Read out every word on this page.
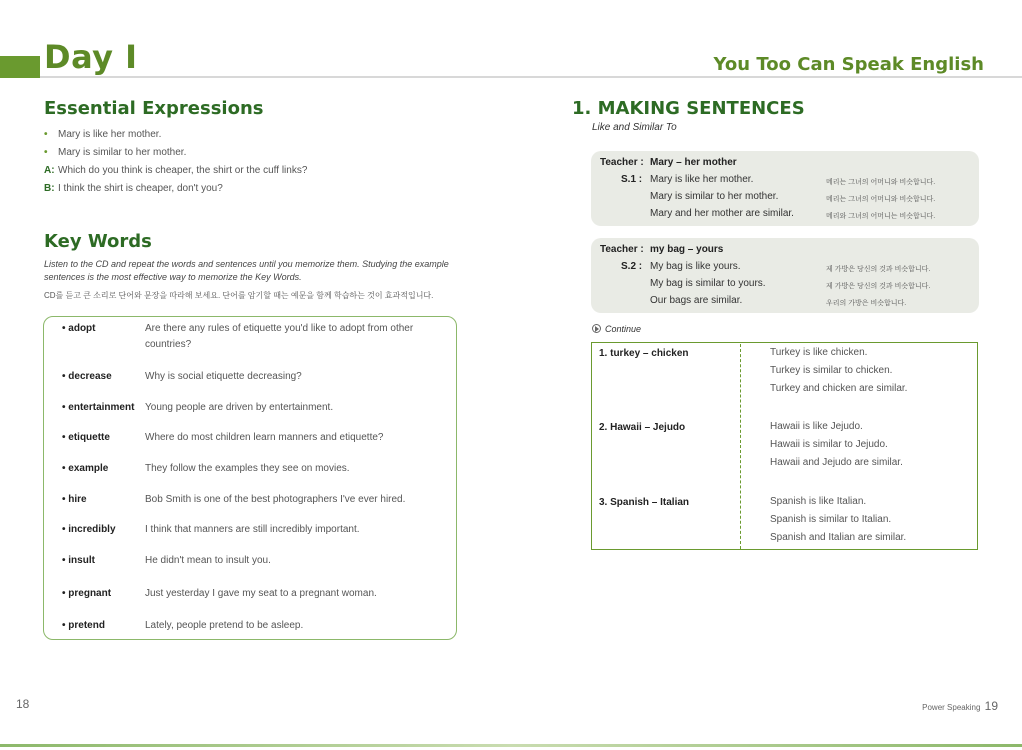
Day I	You Too Can Speak English
Essential Expressions
• Mary is like her mother.
• Mary is similar to her mother.
A: Which do you think is cheaper, the shirt or the cuff links?
B: I think the shirt is cheaper, don't you?
Key Words
Listen to the CD and repeat the words and sentences until you memorize them. Studying the example sentences is the most effective way to memorize the Key Words.
CD를 듣고 큰 소리로 단어와 문장을 따라해 보세요. 단어를 암기할 때는 예문을 함께 학습하는 것이 효과적입니다.
• adopt	Are there any rules of etiquette you'd like to adopt from other countries?
• decrease	Why is social etiquette decreasing?
• entertainment Young people are driven by entertainment.
• etiquette	Where do most children learn manners and etiquette?
• example	They follow the examples they see on movies.
• hire	Bob Smith is one of the best photographers I've ever hired.
• incredibly	I think that manners are still incredibly important.
• insult	He didn't mean to insult you.
• pregnant	Just yesterday I gave my seat to a pregnant woman.
• pretend	Lately, people pretend to be asleep.
1. MAKING SENTENCES
Like and Similar To
Teacher : Mary – her mother
S.1 : Mary is like her mother.	메리는 그녀의 어머니와 비슷합니다.
Mary is similar to her mother.	메리는 그녀의 어머니와 비슷합니다.
Mary and her mother are similar.	메리와 그녀의 어머니는 비슷합니다.
Teacher : my bag – yours
S.2 : My bag is like yours.	제 가방은 당신의 것과 비슷합니다.
My bag is similar to yours.	제 가방은 당신의 것과 비슷합니다.
Our bags are similar.	우리의 가방은 비슷합니다.
Continue
1. turkey – chicken	Turkey is like chicken.
Turkey is similar to chicken.
Turkey and chicken are similar.
2. Hawaii – Jejudo	Hawaii is like Jejudo.
Hawaii is similar to Jejudo.
Hawaii and Jejudo are similar.
3. Spanish – Italian	Spanish is like Italian.
Spanish is similar to Italian.
Spanish and Italian are similar.
18	Power Speaking 19
